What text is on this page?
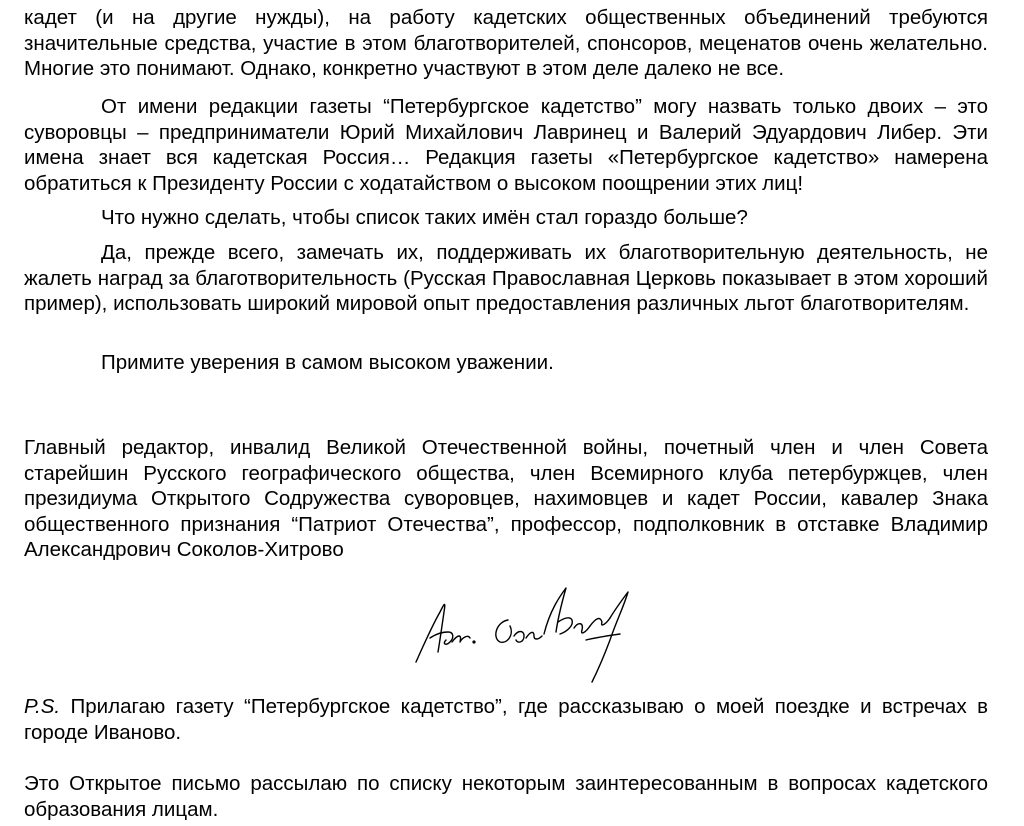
кадет (и на другие нужды), на работу кадетских общественных объединений требуются значительные средства, участие в этом благотворителей, спонсоров, меценатов очень желательно. Многие это понимают. Однако, конкретно участвуют в этом деле далеко не все.

От имени редакции газеты “Петербургское кадетство” могу назвать только двоих – это суворовцы – предприниматели Юрий Михайлович Лавринец и Валерий Эдуардович Либер. Эти имена знает вся кадетская Россия… Редакция газеты «Петербургское кадетство» намерена обратиться к Президенту России с ходатайством о высоком поощрении этих лиц!

Что нужно сделать, чтобы список таких имён стал гораздо больше?

Да, прежде всего, замечать их, поддерживать их благотворительную деятельность, не жалеть наград за благотворительность (Русская Православная Церковь показывает в этом хороший пример), использовать широкий мировой опыт предоставления различных льгот благотворителям.

Примите уверения в самом высоком уважении.

Главный редактор, инвалид Великой Отечественной войны, почетный член и член Совета старейшин Русского географического общества, член Всемирного клуба петербуржцев, член президиума Открытого Содружества суворовцев, нахимовцев и кадет России, кавалер Знака общественного признания “Патриот Отечества”, профессор, подполковник в отставке Владимир Александрович Соколов-Хитрово

P.S. Прилагаю газету “Петербургское кадетство”, где рассказываю о моей поездке и встречах в городе Иваново.

Это Открытое письмо рассылаю по списку некоторым заинтересованным в вопросах кадетского образования лицам.
